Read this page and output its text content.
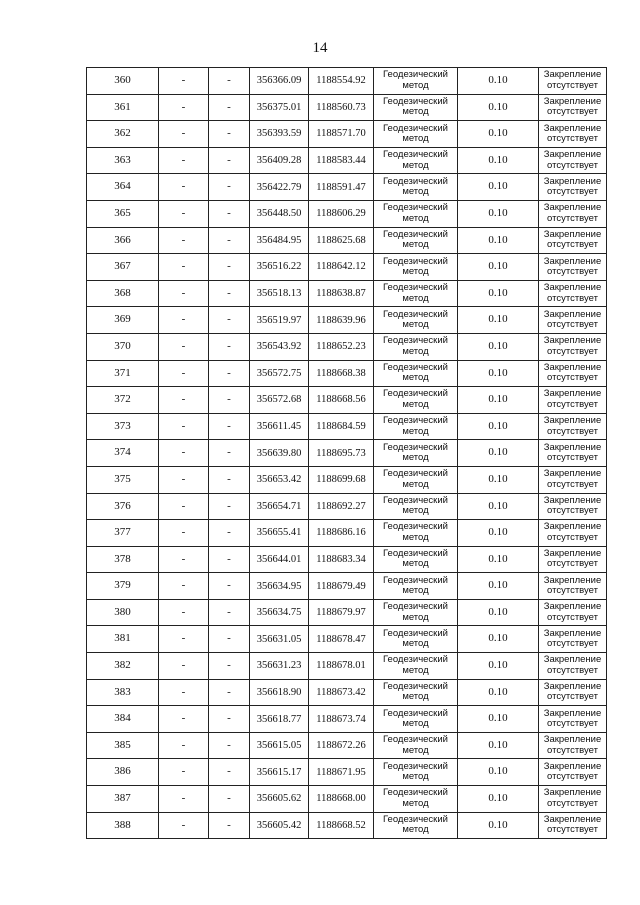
14
360	-	-	356366.09	1188554.92	Геодезический метод	0.10	Закрепление отсутствует
361	-	-	356375.01	1188560.73	Геодезический метод	0.10	Закрепление отсутствует
362	-	-	356393.59	1188571.70	Геодезический метод	0.10	Закрепление отсутствует
363	-	-	356409.28	1188583.44	Геодезический метод	0.10	Закрепление отсутствует
364	-	-	356422.79	1188591.47	Геодезический метод	0.10	Закрепление отсутствует
365	-	-	356448.50	1188606.29	Геодезический метод	0.10	Закрепление отсутствует
366	-	-	356484.95	1188625.68	Геодезический метод	0.10	Закрепление отсутствует
367	-	-	356516.22	1188642.12	Геодезический метод	0.10	Закрепление отсутствует
368	-	-	356518.13	1188638.87	Геодезический метод	0.10	Закрепление отсутствует
369	-	-	356519.97	1188639.96	Геодезический метод	0.10	Закрепление отсутствует
370	-	-	356543.92	1188652.23	Геодезический метод	0.10	Закрепление отсутствует
371	-	-	356572.75	1188668.38	Геодезический метод	0.10	Закрепление отсутствует
372	-	-	356572.68	1188668.56	Геодезический метод	0.10	Закрепление отсутствует
373	-	-	356611.45	1188684.59	Геодезический метод	0.10	Закрепление отсутствует
374	-	-	356639.80	1188695.73	Геодезический метод	0.10	Закрепление отсутствует
375	-	-	356653.42	1188699.68	Геодезический метод	0.10	Закрепление отсутствует
376	-	-	356654.71	1188692.27	Геодезический метод	0.10	Закрепление отсутствует
377	-	-	356655.41	1188686.16	Геодезический метод	0.10	Закрепление отсутствует
378	-	-	356644.01	1188683.34	Геодезический метод	0.10	Закрепление отсутствует
379	-	-	356634.95	1188679.49	Геодезический метод	0.10	Закрепление отсутствует
380	-	-	356634.75	1188679.97	Геодезический метод	0.10	Закрепление отсутствует
381	-	-	356631.05	1188678.47	Геодезический метод	0.10	Закрепление отсутствует
382	-	-	356631.23	1188678.01	Геодезический метод	0.10	Закрепление отсутствует
383	-	-	356618.90	1188673.42	Геодезический метод	0.10	Закрепление отсутствует
384	-	-	356618.77	1188673.74	Геодезический метод	0.10	Закрепление отсутствует
385	-	-	356615.05	1188672.26	Геодезический метод	0.10	Закрепление отсутствует
386	-	-	356615.17	1188671.95	Геодезический метод	0.10	Закрепление отсутствует
387	-	-	356605.62	1188668.00	Геодезический метод	0.10	Закрепление отсутствует
388	-	-	356605.42	1188668.52	Геодезический метод	0.10	Закрепление отсутствует
